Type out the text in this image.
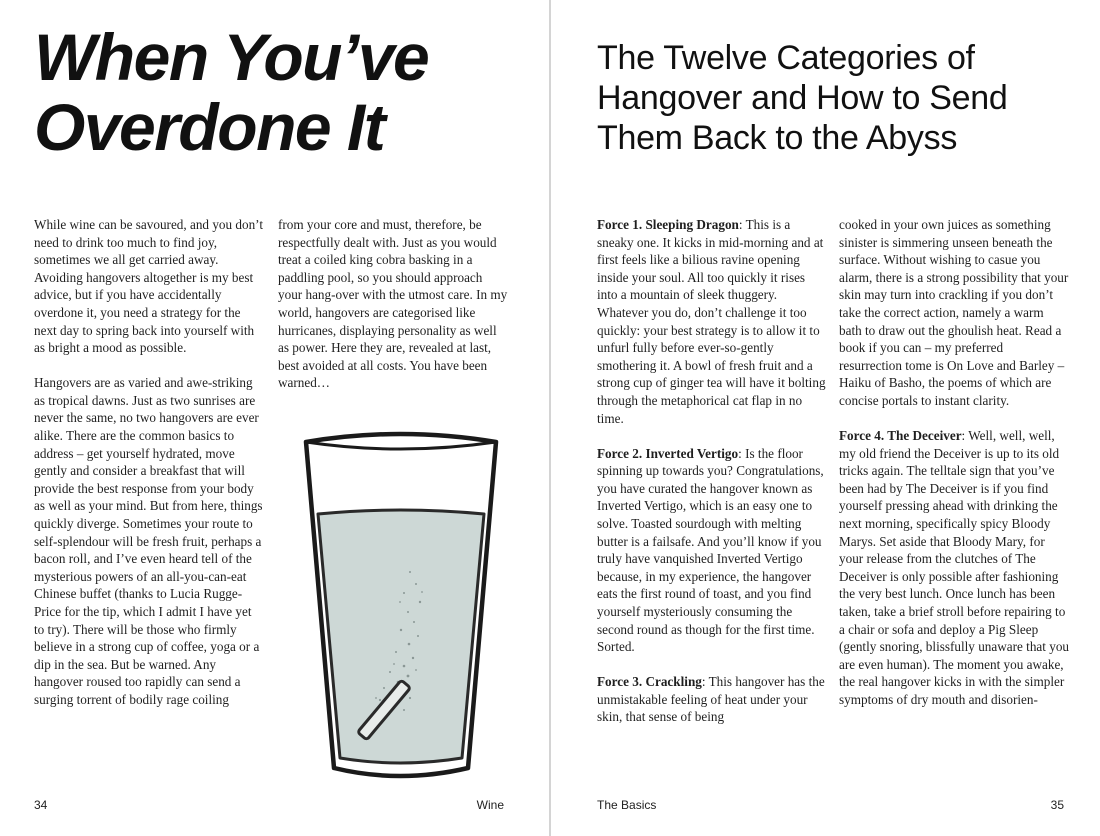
When You’ve
Overdone It

While wine can be savoured, and you don’t need to drink too much to find joy, sometimes we all get carried away. Avoiding hangovers altogether is my best advice, but if you have accidentally overdone it, you need a strategy for the next day to spring back into yourself with as bright a mood as possible.

Hangovers are as varied and awe-striking as tropical dawns. Just as two sunrises are never the same, no two hangovers are ever alike. There are the common basics to address – get yourself hydrated, move gently and consider a breakfast that will provide the best response from your body as well as your mind. But from here, things quickly diverge. Sometimes your route to self-splendour will be fresh fruit, perhaps a bacon roll, and I’ve even heard tell of the mysterious powers of an all-you-can-eat Chinese buffet (thanks to Lucia Rugge-Price for the tip, which I admit I have yet to try). There will be those who firmly believe in a strong cup of coffee, yoga or a dip in the sea. But be warned. Any hangover roused too rapidly can send a surging torrent of bodily rage coiling

from your core and must, therefore, be respectfully dealt with. Just as you would treat a coiled king cobra basking in a paddling pool, so you should approach your hang-over with the utmost care. In my world, hangovers are categorised like hurricanes, displaying personality as well as power. Here they are, revealed at last, best avoided at all costs. You have been warned…

34	Wine
The Twelve Categories of
Hangover and How to Send
Them Back to the Abyss

Force 1. Sleeping Dragon: This is a sneaky one. It kicks in mid-morning and at first feels like a bilious ravine opening inside your soul. All too quickly it rises into a mountain of sleek thuggery. Whatever you do, don’t challenge it too quickly: your best strategy is to allow it to unfurl fully before ever-so-gently smothering it. A bowl of fresh fruit and a strong cup of ginger tea will have it bolting through the metaphorical cat flap in no time.

Force 2. Inverted Vertigo: Is the floor spinning up towards you? Congratulations, you have curated the hangover known as Inverted Vertigo, which is an easy one to solve. Toasted sourdough with melting butter is a failsafe. And you’ll know if you truly have vanquished Inverted Vertigo because, in my experience, the hangover eats the first round of toast, and you find yourself mysteriously consuming the second round as though for the first time. Sorted.

Force 3. Crackling: This hangover has the unmistakable feeling of heat under your skin, that sense of being

cooked in your own juices as something sinister is simmering unseen beneath the surface. Without wishing to casue you alarm, there is a strong possibility that your skin may turn into crackling if you don’t take the correct action, namely a warm bath to draw out the ghoulish heat. Read a book if you can – my preferred resurrection tome is On Love and Barley – Haiku of Basho, the poems of which are concise portals to instant clarity.

Force 4. The Deceiver: Well, well, well, my old friend the Deceiver is up to its old tricks again. The telltale sign that you’ve been had by The Deceiver is if you find yourself pressing ahead with drinking the next morning, specifically spicy Bloody Marys. Set aside that Bloody Mary, for your release from the clutches of The Deceiver is only possible after fashioning the very best lunch. Once lunch has been taken, take a brief stroll before repairing to a chair or sofa and deploy a Pig Sleep (gently snoring, blissfully unaware that you are even human). The moment you awake, the real hangover kicks in with the simpler symptoms of dry mouth and disorien-

The Basics	35
